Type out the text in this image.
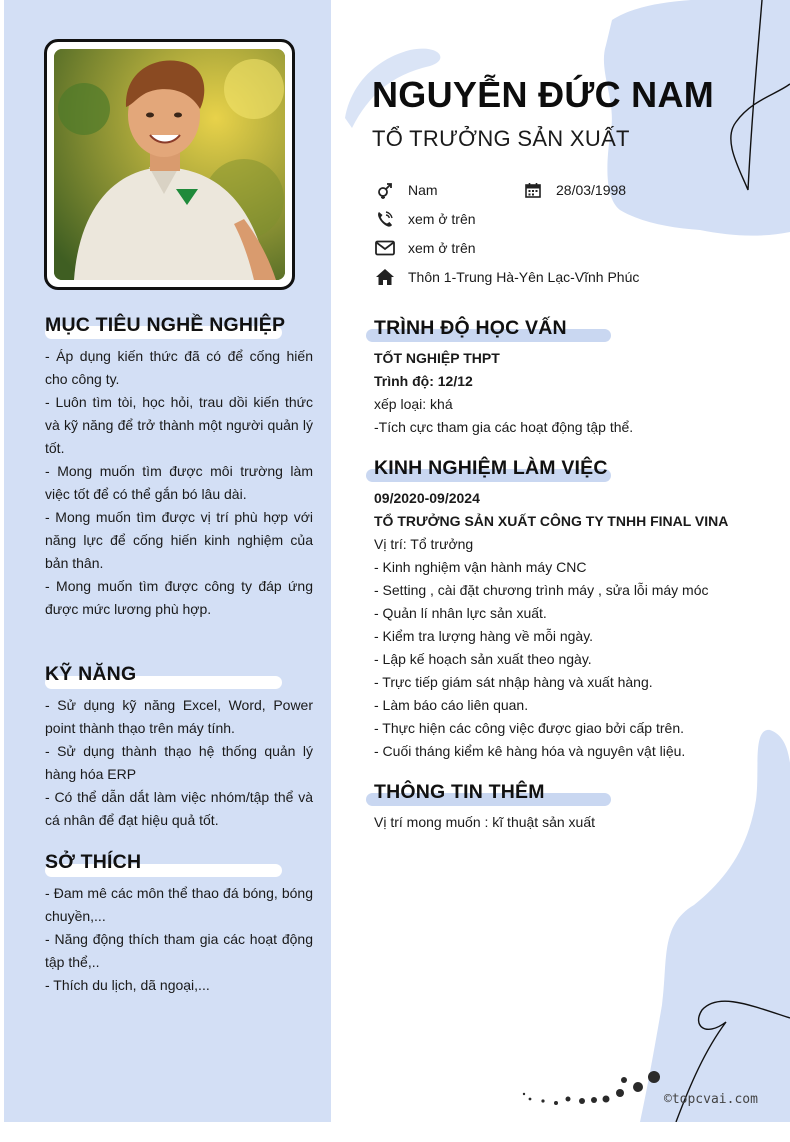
MỤC TIÊU NGHỀ NGHIỆP

- Áp dụng kiến thức đã có để cống hiến cho công ty.

- Luôn tìm tòi, học hỏi, trau dồi kiến thức và kỹ năng để trở thành một người quản lý tốt.

- Mong muốn tìm được môi trường làm việc tốt để có thể gắn bó lâu dài.

- Mong muốn tìm được vị trí phù hợp với năng lực để cống hiến kinh nghiệm của bản thân.

- Mong muốn tìm được công ty đáp ứng được mức lương phù hợp.

KỸ NĂNG

- Sử dụng kỹ năng Excel, Word, Power point thành thạo trên máy tính.

- Sử dụng thành thạo hệ thống quản lý hàng hóa ERP

- Có thể dẫn dắt làm việc nhóm/tập thể và cá nhân để đạt hiệu quả tốt.

SỞ THÍCH

- Đam mê các môn thể thao đá bóng, bóng chuyền,...

- Năng động thích tham gia các hoạt động tập thể,..

- Thích du lịch, dã ngoại,...

NGUYỄN ĐỨC NAM
TỔ TRƯỞNG SẢN XUẤT
Nam	28/03/1998
xem ở trên
xem ở trên
Thôn 1-Trung Hà-Yên Lạc-Vĩnh Phúc
TRÌNH ĐỘ HỌC VẤN

TỐT NGHIỆP THPT

Trình độ: 12/12

xếp loại: khá

-Tích cực tham gia các hoạt động tập thể.

KINH NGHIỆM LÀM VIỆC

09/2020-09/2024

TỔ TRƯỞNG SẢN XUẤT CÔNG TY TNHH FINAL VINA

Vị trí: Tổ trưởng

- Kinh nghiệm vận hành máy CNC

- Setting , cài đặt chương trình máy , sửa lỗi máy móc

- Quản lí nhân lực sản xuất.

- Kiểm tra lượng hàng về mỗi ngày.

- Lập kế hoạch sản xuất theo ngày.

- Trực tiếp giám sát nhập hàng và xuất hàng.

- Làm báo cáo liên quan.

- Thực hiện các công việc được giao bởi cấp trên.

- Cuối tháng kiểm kê hàng hóa và nguyên vật liệu.

THÔNG TIN THÊM

Vị trí mong muốn : kĩ thuật sản xuất

©topcvai.com
